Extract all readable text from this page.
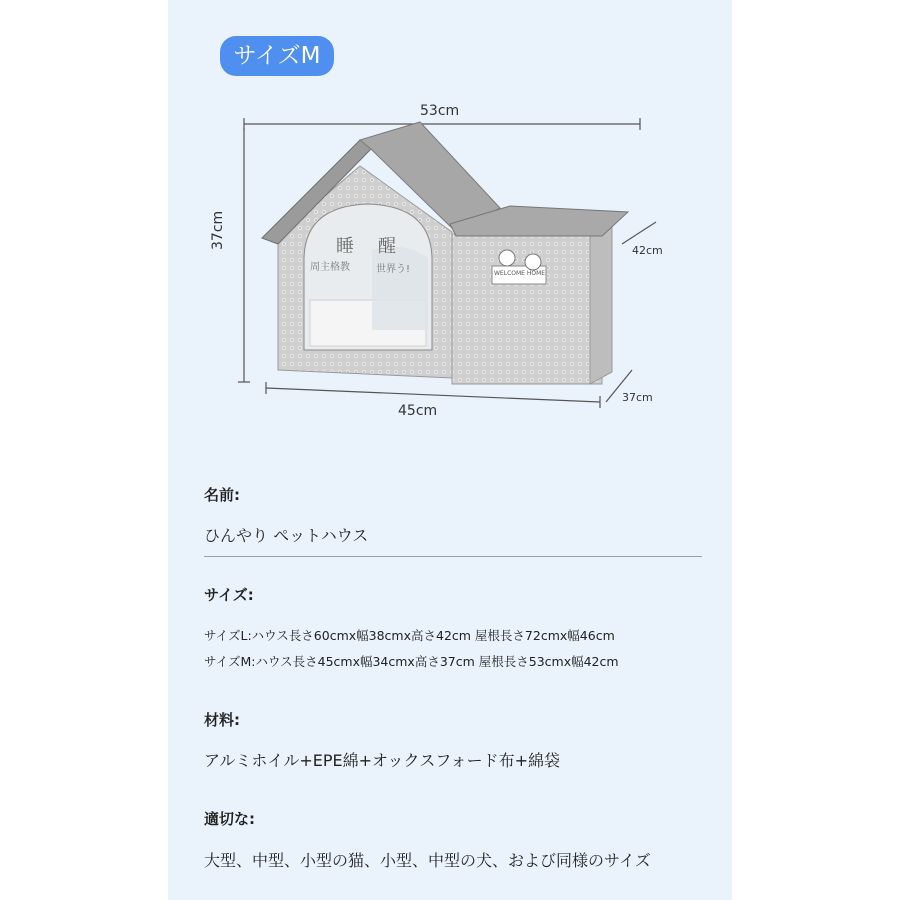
サイズM
睡 醒
周主格教	世界う!	WELCOME HOME
53cm
42cm
37cm
45cm
37cm
名前:
ひんやり ペットハウス
サイズ:
サイズL:ハウス長さ60cmx幅38cmx高さ42cm 屋根長さ72cmx幅46cm
サイズM:ハウス長さ45cmx幅34cmx高さ37cm 屋根長さ53cmx幅42cm
材料:
アルミホイル+EPE綿+オックスフォード布+綿袋
適切な:
大型、中型、小型の猫、小型、中型の犬、および同様のサイズ
